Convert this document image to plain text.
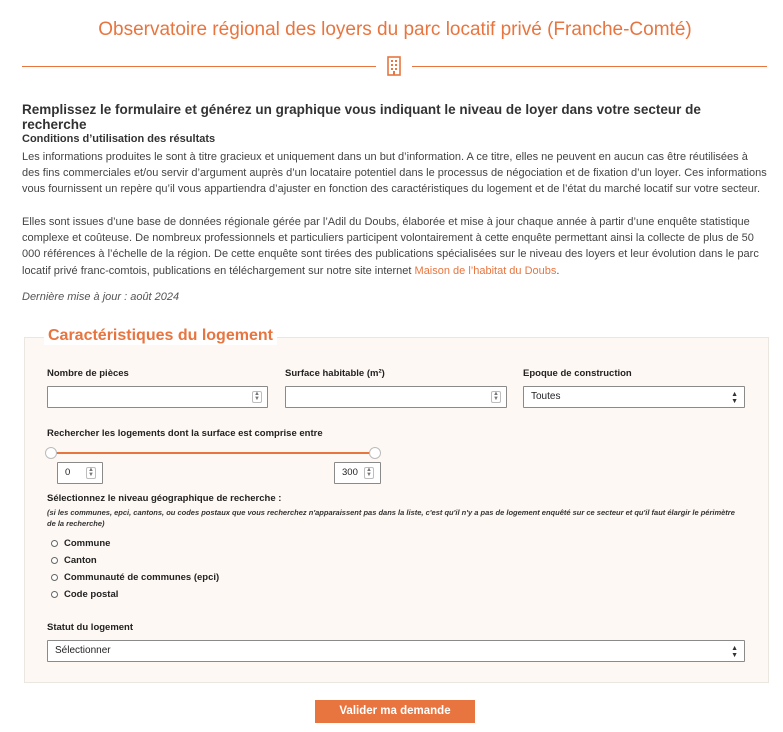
Observatoire régional des loyers du parc locatif privé (Franche-Comté)
Remplissez le formulaire et générez un graphique vous indiquant le niveau de loyer dans votre secteur de recherche
Conditions d’utilisation des résultats
Les informations produites le sont à titre gracieux et uniquement dans un but d’information. A ce titre, elles ne peuvent en aucun cas être réutilisées à des fins commerciales et/ou servir d’argument auprès d’un locataire potentiel dans le processus de négociation et de fixation d’un loyer. Ces informations vous fournissent un repère qu’il vous appartiendra d’ajuster en fonction des caractéristiques du logement et de l’état du marché locatif sur votre secteur.
Elles sont issues d’une base de données régionale gérée par l’Adil du Doubs, élaborée et mise à jour chaque année à partir d’une enquête statistique complexe et coûteuse. De nombreux professionnels et particuliers participent volontairement à cette enquête permettant ainsi la collecte de plus de 50 000 références à l’échelle de la région. De cette enquête sont tirées des publications spécialisées sur le niveau des loyers et leur évolution dans le parc locatif privé franc-comtois, publications en téléchargement sur notre site internet Maison de l’habitat du Doubs.
Dernière mise à jour : août 2024
Caractéristiques du logement
Nombre de pièces
▲
▼
Surface habitable (m²)
▲
▼
Epoque de construction
Toutes	▲
▼
Rechercher les logements dont la surface est comprise entre
0	▲
▼	300	▲
▼
Sélectionnez le niveau géographique de recherche :
(si les communes, epci, cantons, ou codes postaux que vous recherchez n'apparaissent pas dans la liste, c'est qu'il n'y a pas de logement enquêté sur ce secteur et qu'il faut élargir le périmètre de la recherche)
Commune
Canton
Communauté de communes (epci)
Code postal
Statut du logement
Sélectionner	▲
▼
Valider ma demande
